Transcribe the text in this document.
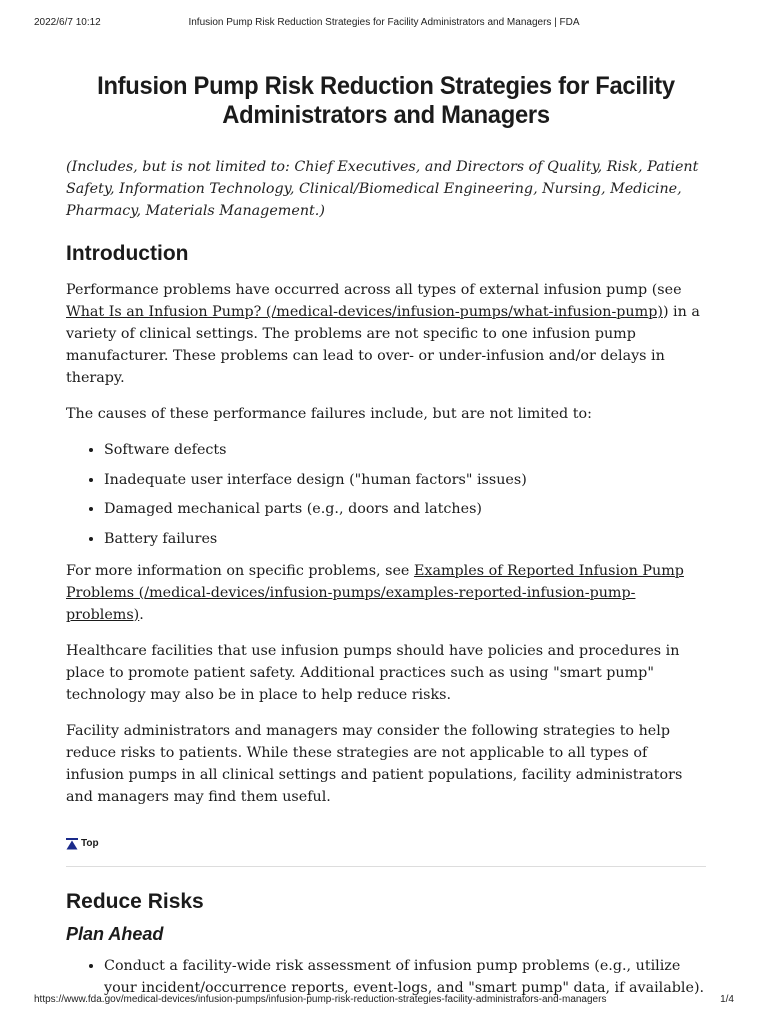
2022/6/7 10:12	Infusion Pump Risk Reduction Strategies for Facility Administrators and Managers | FDA
Infusion Pump Risk Reduction Strategies for Facility Administrators and Managers

(Includes, but is not limited to: Chief Executives, and Directors of Quality, Risk, Patient Safety, Information Technology, Clinical/Biomedical Engineering, Nursing, Medicine, Pharmacy, Materials Management.)

Introduction

Performance problems have occurred across all types of external infusion pump (see What Is an Infusion Pump? (/medical-devices/infusion-pumps/what-infusion-pump)) in a variety of clinical settings. The problems are not specific to one infusion pump manufacturer. These problems can lead to over- or under-infusion and/or delays in therapy.

The causes of these performance failures include, but are not limited to:

• Software defects
• Inadequate user interface design ("human factors" issues)
• Damaged mechanical parts (e.g., doors and latches)
• Battery failures

For more information on specific problems, see Examples of Reported Infusion Pump Problems (/medical-devices/infusion-pumps/examples-reported-infusion-pump-problems).

Healthcare facilities that use infusion pumps should have policies and procedures in place to promote patient safety. Additional practices such as using "smart pump" technology may also be in place to help reduce risks.

Facility administrators and managers may consider the following strategies to help reduce risks to patients. While these strategies are not applicable to all types of infusion pumps in all clinical settings and patient populations, facility administrators and managers may find them useful.

Top
Reduce Risks
Plan Ahead
• Conduct a facility-wide risk assessment of infusion pump problems (e.g., utilize your incident/occurrence reports, event-logs, and "smart pump" data, if available).
https://www.fda.gov/medical-devices/infusion-pumps/infusion-pump-risk-reduction-strategies-facility-administrators-and-managers	1/4
